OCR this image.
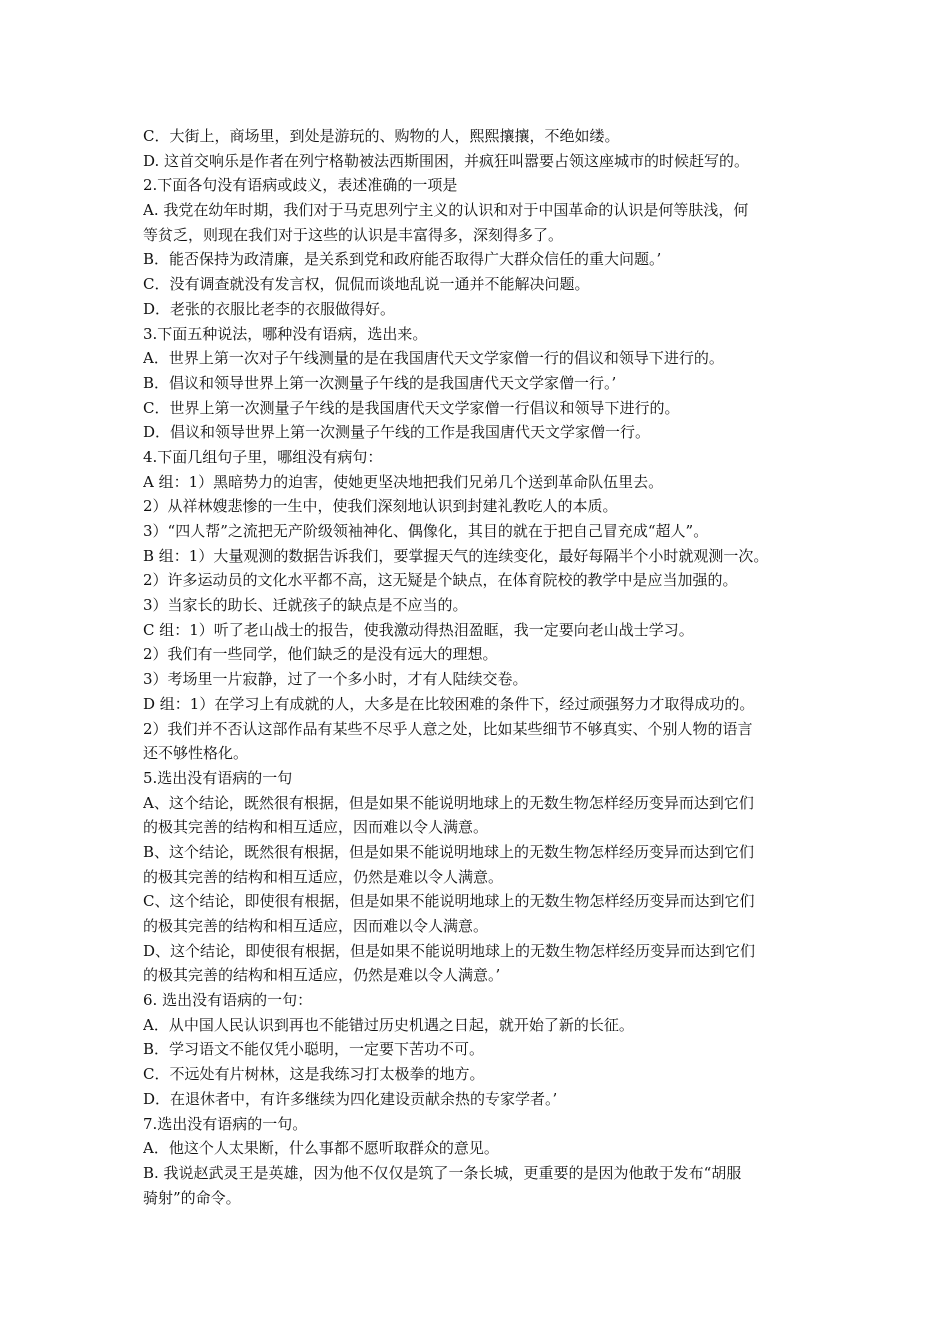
C．大街上，商场里，到处是游玩的、购物的人，熙熙攘攘，不绝如缕。
D. 这首交响乐是作者在列宁格勒被法西斯围困，并疯狂叫嚣要占领这座城市的时候赶写的。
2.下面各句没有语病或歧义，表述准确的一项是
A. 我党在幼年时期，我们对于马克思列宁主义的认识和对于中国革命的认识是何等肤浅，何
等贫乏，则现在我们对于这些的认识是丰富得多，深刻得多了。
B．能否保持为政清廉，是关系到党和政府能否取得广大群众信任的重大问题。’
C．没有调查就没有发言权，侃侃而谈地乱说一通并不能解决问题。
D．老张的衣服比老李的衣服做得好。
3.下面五种说法，哪种没有语病，选出来。
A．世界上第一次对子午线测量的是在我国唐代天文学家僧一行的倡议和领导下进行的。
B．倡议和领导世界上第一次测量子午线的是我国唐代天文学家僧一行。’
C．世界上第一次测量子午线的是我国唐代天文学家僧一行倡议和领导下进行的。
D．倡议和领导世界上第一次测量子午线的工作是我国唐代天文学家僧一行。
4.下面几组句子里，哪组没有病句：
A 组：1）黑暗势力的迫害，使她更坚决地把我们兄弟几个送到革命队伍里去。
2）从祥林嫂悲惨的一生中，使我们深刻地认识到封建礼教吃人的本质。
3）“四人帮”之流把无产阶级领袖神化、偶像化，其目的就在于把自己冒充成“超人”。
B 组：1）大量观测的数据告诉我们，要掌握天气的连续变化，最好每隔半个小时就观测一次。
2）许多运动员的文化水平都不高，这无疑是个缺点，在体育院校的教学中是应当加强的。
3）当家长的助长、迁就孩子的缺点是不应当的。
C 组：1）听了老山战士的报告，使我激动得热泪盈眶，我一定要向老山战士学习。
2）我们有一些同学，他们缺乏的是没有远大的理想。
3）考场里一片寂静，过了一个多小时，才有人陆续交卷。
D 组：1）在学习上有成就的人，大多是在比较困难的条件下，经过顽强努力才取得成功的。
2）我们并不否认这部作品有某些不尽乎人意之处，比如某些细节不够真实、个别人物的语言
还不够性格化。
5.选出没有语病的一句
A、这个结论，既然很有根据，但是如果不能说明地球上的无数生物怎样经历变异而达到它们
的极其完善的结构和相互适应，因而难以令人满意。
B、这个结论，既然很有根据，但是如果不能说明地球上的无数生物怎样经历变异而达到它们
的极其完善的结构和相互适应，仍然是难以令人满意。
C、这个结论，即使很有根据，但是如果不能说明地球上的无数生物怎样经历变异而达到它们
的极其完善的结构和相互适应，因而难以令人满意。
D、这个结论，即使很有根据，但是如果不能说明地球上的无数生物怎样经历变异而达到它们
的极其完善的结构和相互适应，仍然是难以令人满意。’
6. 选出没有语病的一句：
A．从中国人民认识到再也不能错过历史机遇之日起，就开始了新的长征。
B．学习语文不能仅凭小聪明，一定要下苦功不可。
C．不远处有片树林，这是我练习打太极拳的地方。
D．在退休者中，有许多继续为四化建设贡献余热的专家学者。’
7.选出没有语病的一句。
A．他这个人太果断，什么事都不愿听取群众的意见。
B. 我说赵武灵王是英雄，因为他不仅仅是筑了一条长城，更重要的是因为他敢于发布“胡服
骑射”的命令。
